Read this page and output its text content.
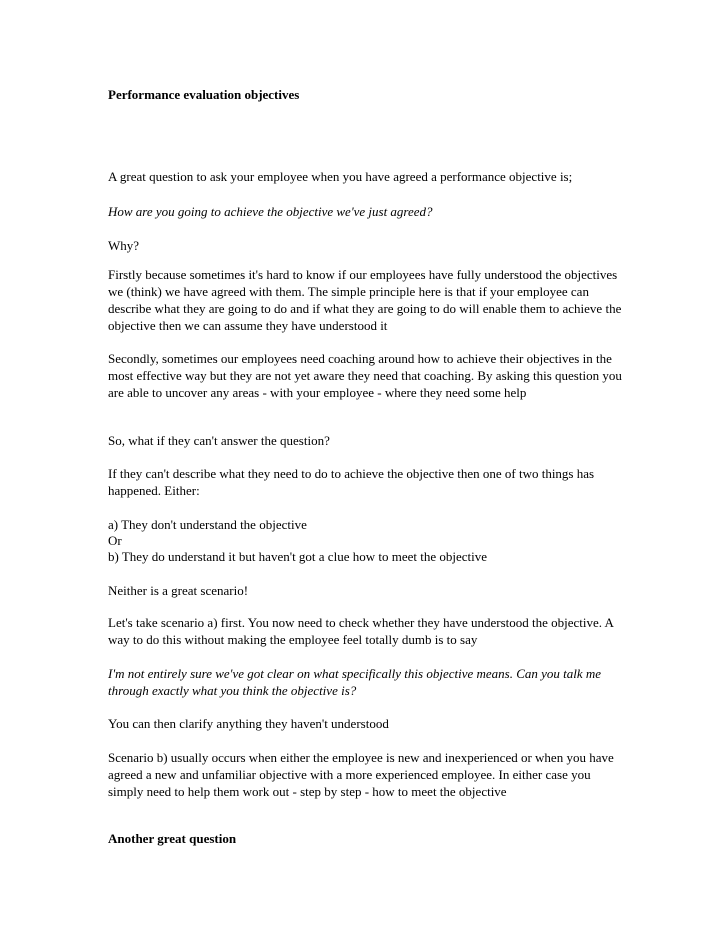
Performance evaluation objectives

A great question to ask your employee when you have agreed a performance objective is;

How are you going to achieve the objective we've just agreed?

Why?

Firstly because sometimes it's hard to know if our employees have fully understood the objectives we (think) we have agreed with them. The simple principle here is that if your employee can describe what they are going to do and if what they are going to do will enable them to achieve the objective then we can assume they have understood it

Secondly, sometimes our employees need coaching around how to achieve their objectives in the most effective way but they are not yet aware they need that coaching. By asking this question you are able to uncover any areas - with your employee - where they need some help

So, what if they can't answer the question?

If they can't describe what they need to do to achieve the objective then one of two things has happened. Either:

a) They don't understand the objective

Or

b) They do understand it but haven't got a clue how to meet the objective

Neither is a great scenario!

Let's take scenario a) first. You now need to check whether they have understood the objective. A way to do this without making the employee feel totally dumb is to say

I'm not entirely sure we've got clear on what specifically this objective means. Can you talk me through exactly what you think the objective is?

You can then clarify anything they haven't understood

Scenario b) usually occurs when either the employee is new and inexperienced or when you have agreed a new and unfamiliar objective with a more experienced employee. In either case you simply need to help them work out - step by step - how to meet the objective

Another great question
